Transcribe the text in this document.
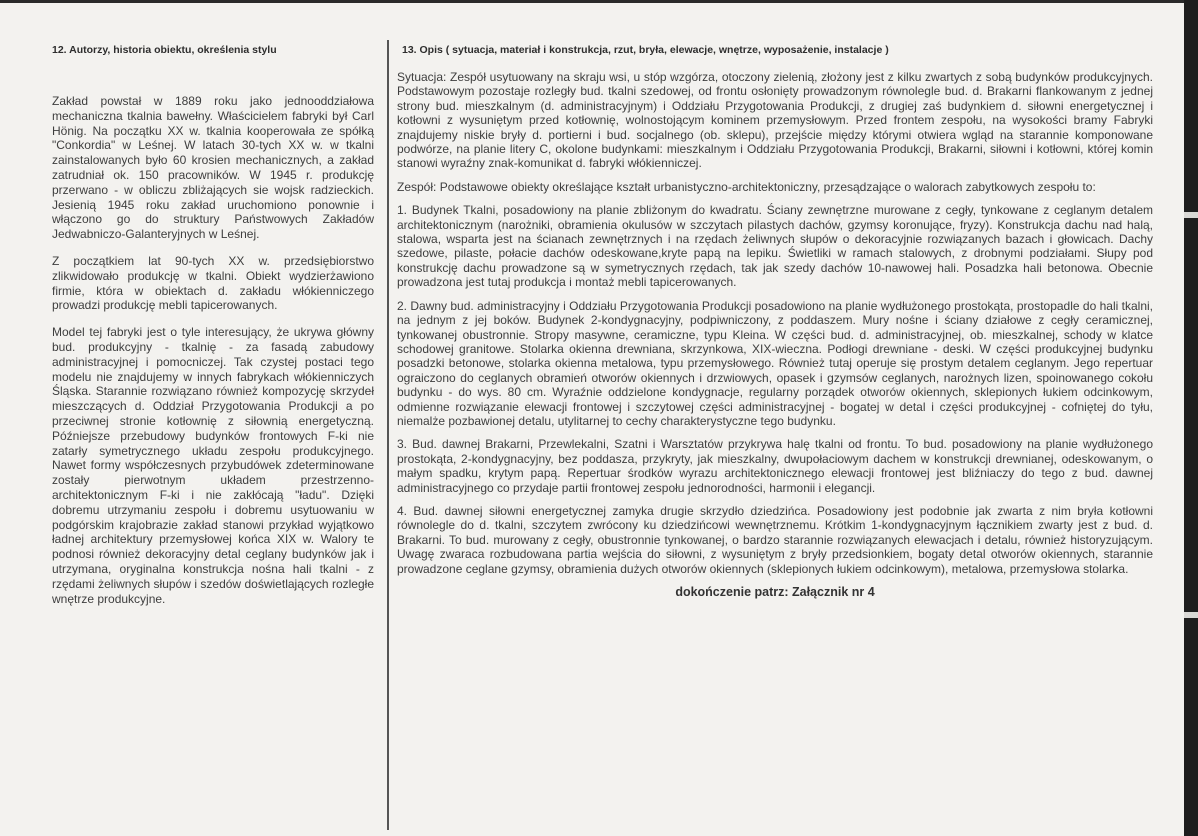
12. Autorzy, historia obiektu, określenia stylu

Zakład powstał w 1889 roku jako jednooddziałowa mechaniczna tkalnia bawełny. Właścicielem fabryki był Carl Hönig. Na początku XX w. tkalnia kooperowała ze spółką "Conkordia" w Leśnej. W latach 30-tych XX w. w tkalni zainstalowanych było 60 krosien mechanicznych, a zakład zatrudniał ok. 150 pracowników. W 1945 r. produkcję przerwano - w obliczu zbliżających sie wojsk radzieckich. Jesienią 1945 roku zakład uruchomiono ponownie i włączono go do struktury Państwowych Zakładów Jedwabniczo-Galanteryjnych w Leśnej.

Z początkiem lat 90-tych XX w. przedsiębiorstwo zlikwidowało produkcję w tkalni. Obiekt wydzierżawiono firmie, która w obiektach d. zakładu włókienniczego prowadzi produkcję mebli tapicerowanych.

Model tej fabryki jest o tyle interesujący, że ukrywa główny bud. produkcyjny - tkalnię - za fasadą zabudowy administracyjnej i pomocniczej. Tak czystej postaci tego modelu nie znajdujemy w innych fabrykach włókienniczych Śląska. Starannie rozwiązano również kompozycję skrzydeł mieszczących d. Oddział Przygotowania Produkcji a po przeciwnej stronie kotłownię z siłownią energetyczną. Późniejsze przebudowy budynków frontowych F-ki nie zatarły symetrycznego układu zespołu produkcyjnego. Nawet formy współczesnych przybudówek zdeterminowane zostały pierwotnym układem przestrzenno-architektonicznym F-ki i nie zakłócają "ładu". Dzięki dobremu utrzymaniu zespołu i dobremu usytuowaniu w podgórskim krajobrazie zakład stanowi przykład wyjątkowo ładnej architektury przemysłowej końca XIX w. Walory te podnosi również dekoracyjny detal ceglany budynków jak i utrzymana, oryginalna konstrukcja nośna hali tkalni - z rzędami żeliwnych słupów i szedów doświetlających rozległe wnętrze produkcyjne.

13. Opis ( sytuacja, materiał i konstrukcja, rzut, bryła, elewacje, wnętrze, wyposażenie, instalacje )

Sytuacja: Zespół usytuowany na skraju wsi, u stóp wzgórza, otoczony zielenią, złożony jest z kilku zwartych z sobą budynków produkcyjnych. Podstawowym pozostaje rozległy bud. tkalni szedowej, od frontu osłonięty prowadzonym równolegle bud. d. Brakarni flankowanym z jednej strony bud. mieszkalnym (d. administracyjnym) i Oddziału Przygotowania Produkcji, z drugiej zaś budynkiem d. siłowni energetycznej i kotłowni z wysuniętym przed kotłownię, wolnostojącym kominem przemysłowym. Przed frontem zespołu, na wysokości bramy Fabryki znajdujemy niskie bryły d. portierni i bud. socjalnego (ob. sklepu), przejście między którymi otwiera wgląd na starannie komponowane podwórze, na planie litery C, okolone budynkami: mieszkalnym i Oddziału Przygotowania Produkcji, Brakarni, siłowni i kotłowni, której komin stanowi wyraźny znak-komunikat d. fabryki włókienniczej.

Zespół: Podstawowe obiekty określające kształt urbanistyczno-architektoniczny, przesądzające o walorach zabytkowych zespołu to:

1. Budynek Tkalni, posadowiony na planie zbliżonym do kwadratu. Ściany zewnętrzne murowane z cegły, tynkowane z ceglanym detalem architektonicznym (narożniki, obramienia okulusów w szczytach pilastych dachów, gzymsy koronujące, fryzy). Konstrukcja dachu nad halą, stalowa, wsparta jest na ścianach zewnętrznych i na rzędach żeliwnych słupów o dekoracyjnie rozwiązanych bazach i głowicach. Dachy szedowe, pilaste, połacie dachów odeskowane,kryte papą na lepiku. Świetliki w ramach stalowych, z drobnymi podziałami. Słupy pod konstrukcję dachu prowadzone są w symetrycznych rzędach, tak jak szedy dachów 10-nawowej hali. Posadzka hali betonowa. Obecnie prowadzona jest tutaj produkcja i montaż mebli tapicerowanych.

2. Dawny bud. administracyjny i Oddziału Przygotowania Produkcji posadowiono na planie wydłużonego prostokąta, prostopadle do hali tkalni, na jednym z jej boków. Budynek 2-kondygnacyjny, podpiwniczony, z poddaszem. Mury nośne i ściany działowe z cegły ceramicznej, tynkowanej obustronnie. Stropy masywne, ceramiczne, typu Kleina. W części bud. d. administracyjnej, ob. mieszkalnej, schody w klatce schodowej granitowe. Stolarka okienna drewniana, skrzynkowa, XIX-wieczna. Podłogi drewniane - deski. W części produkcyjnej budynku posadzki betonowe, stolarka okienna metalowa, typu przemysłowego. Również tutaj operuje się prostym detalem ceglanym. Jego repertuar ograiczono do ceglanych obramień otworów okiennych i drzwiowych, opasek i gzymsów ceglanych, narożnych lizen, spoinowanego cokołu budynku - do wys. 80 cm. Wyraźnie oddzielone kondygnacje, regularny porządek otworów okiennych, sklepionych łukiem odcinkowym, odmienne rozwiązanie elewacji frontowej i szczytowej części administracyjnej - bogatej w detal i części produkcyjnej - cofniętej do tyłu, niemalże pozbawionej detalu, utylitarnej to cechy charakterystyczne tego budynku.

3. Bud. dawnej Brakarni, Przewlekalni, Szatni i Warsztatów przykrywa halę tkalni od frontu. To bud. posadowiony na planie wydłużonego prostokąta, 2-kondygnacyjny, bez poddasza, przykryty, jak mieszkalny, dwupołaciowym dachem w konstrukcji drewnianej, odeskowanym, o małym spadku, krytym papą. Repertuar środków wyrazu architektonicznego elewacji frontowej jest bliźniaczy do tego z bud. dawnej administracyjnego co przydaje partii frontowej zespołu jednorodności, harmonii i elegancji.

4. Bud. dawnej siłowni energetycznej zamyka drugie skrzydło dziedzińca. Posadowiony jest podobnie jak zwarta z nim bryła kotłowni równolegle do d. tkalni, szczytem zwrócony ku dziedzińcowi wewnętrznemu. Krótkim 1-kondygnacyjnym łącznikiem zwarty jest z bud. d. Brakarni. To bud. murowany z cegły, obustronnie tynkowanej, o bardzo starannie rozwiązanych elewacjach i detalu, również historyzującym. Uwagę zwaraca rozbudowana partia wejścia do siłowni, z wysuniętym z bryły przedsionkiem, bogaty detal otworów okiennych, starannie prowadzone ceglane gzymsy, obramienia dużych otworów okiennych (sklepionych łukiem odcinkowym), metalowa, przemysłowa stolarka.

dokończenie patrz: Załącznik nr 4
